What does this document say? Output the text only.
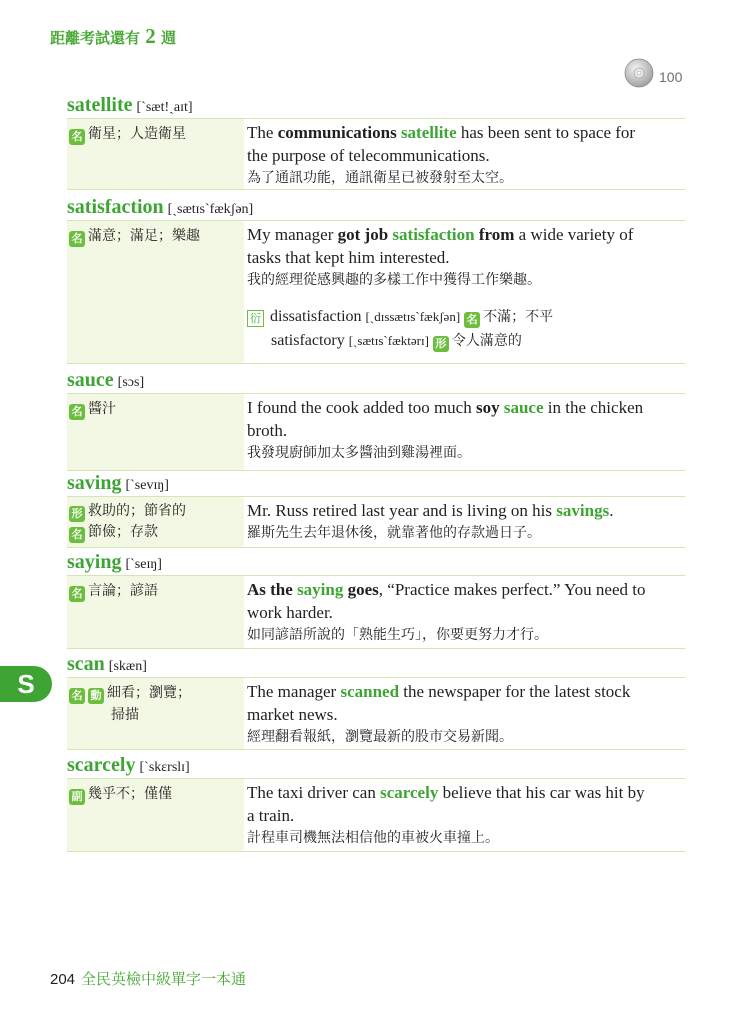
距離考試還有 2 週
100
satellite [ˋsæt!ˏaɪt]
名 衛星；人造衛星	The communications satellite has been sent to space for
the purpose of telecommunications.
為了通訊功能，通訊衛星已被發射至太空。
satisfaction [ˏsætɪsˋfækʃən]
名 滿意；滿足；樂趣	My manager got job satisfaction from a wide variety of
tasks that kept him interested.
我的經理從感興趣的多樣工作中獲得工作樂趣。
衍 dissatisfaction [ˏdɪssætɪsˋfækʃən] 名 不滿；不平
satisfactory [ˏsætɪsˋfæktərɪ] 形 令人滿意的
sauce [sɔs]
名 醬汁	I found the cook added too much soy sauce in the chicken
broth.
我發現廚師加太多醬油到雞湯裡面。
saving [ˋsevɪŋ]
形 救助的；節省的
名 節儉；存款
Mr. Russ retired last year and is living on his savings.
羅斯先生去年退休後，就靠著他的存款過日子。
saying [ˋseɪŋ]
名 言論；諺語	As the saying goes, “Practice makes perfect.” You need to
work harder.
如同諺語所說的「熟能生巧」，你要更努力才行。
scan [skæn]
名 動 細看；瀏覽；
掃描
The manager scanned the newspaper for the latest stock
market news.
經理翻看報紙，瀏覽最新的股市交易新聞。
scarcely [ˋskɛrslɪ]
副 幾乎不；僅僅	The taxi driver can scarcely believe that his car was hit by
a train.
計程車司機無法相信他的車被火車撞上。
S
204 全民英檢中級單字一本通
